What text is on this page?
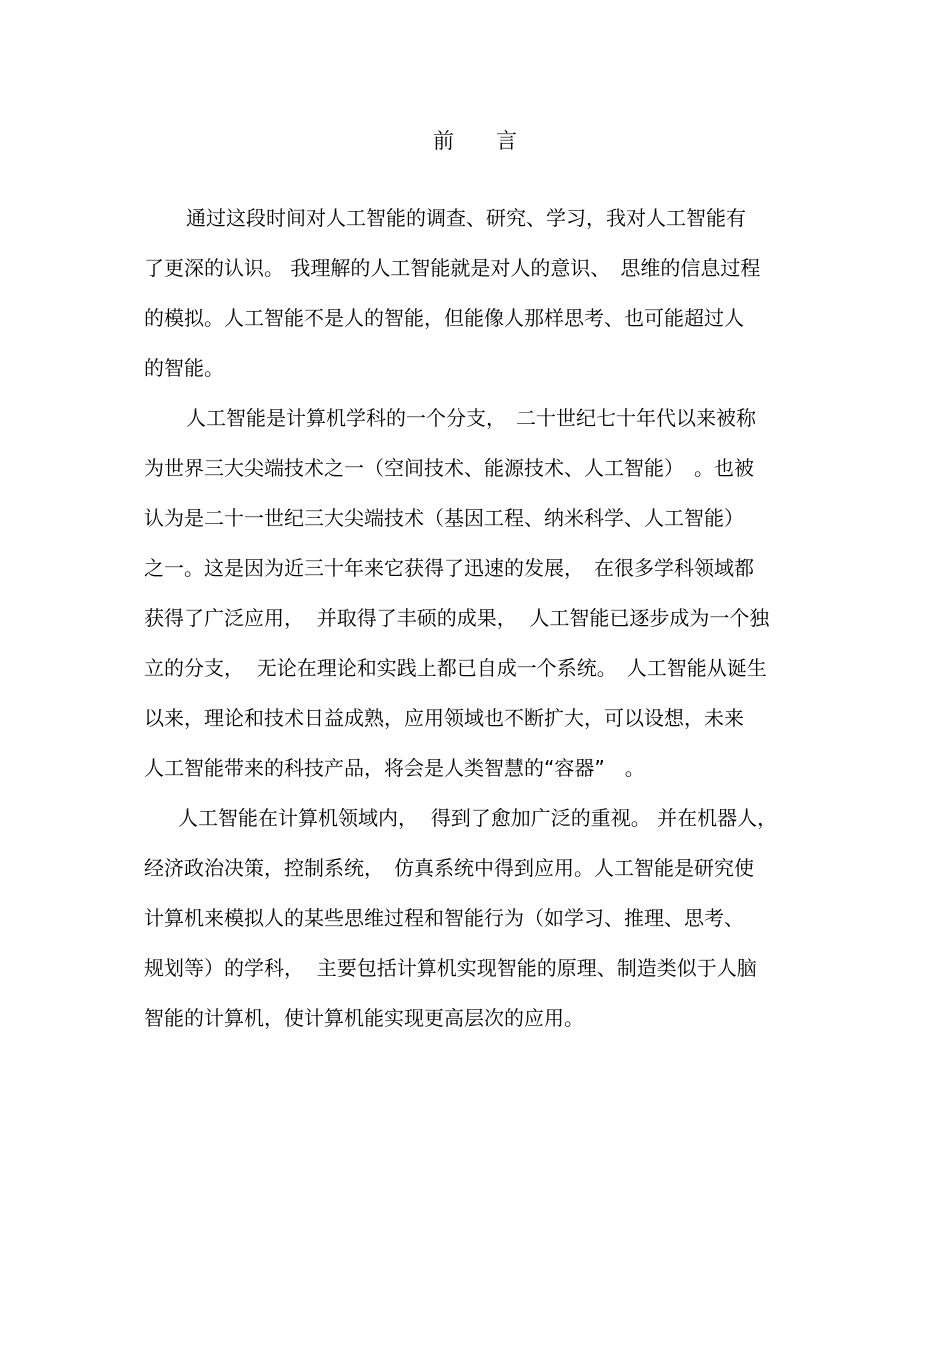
前　　言
通过这段时间对人工智能的调查、研究、学习，我对人工智能有
了更深的认识。 我理解的人工智能就是对人的意识、　思维的信息过程
的模拟。人工智能不是人的智能，但能像人那样思考、也可能超过人
的智能。
人工智能是计算机学科的一个分支，　二十世纪七十年代以来被称
为世界三大尖端技术之一（空间技术、能源技术、人工智能）　。也被
认为是二十一世纪三大尖端技术（基因工程、纳米科学、人工智能）
之一。这是因为近三十年来它获得了迅速的发展，　在很多学科领域都
获得了广泛应用，  并取得了丰硕的成果，  人工智能已逐步成为一个独
立的分支，  无论在理论和实践上都已自成一个系统。　人工智能从诞生
以来，理论和技术日益成熟，应用领域也不断扩大，可以设想，未来
人工智能带来的科技产品，将会是人类智慧的“容器”　。
人工智能在计算机领域内，  得到了愈加广泛的重视。 并在机器人，
经济政治决策，控制系统，　仿真系统中得到应用。人工智能是研究使
计算机来模拟人的某些思维过程和智能行为（如学习、推理、思考、
规划等）的学科，  主要包括计算机实现智能的原理、制造类似于人脑
智能的计算机，使计算机能实现更高层次的应用。
